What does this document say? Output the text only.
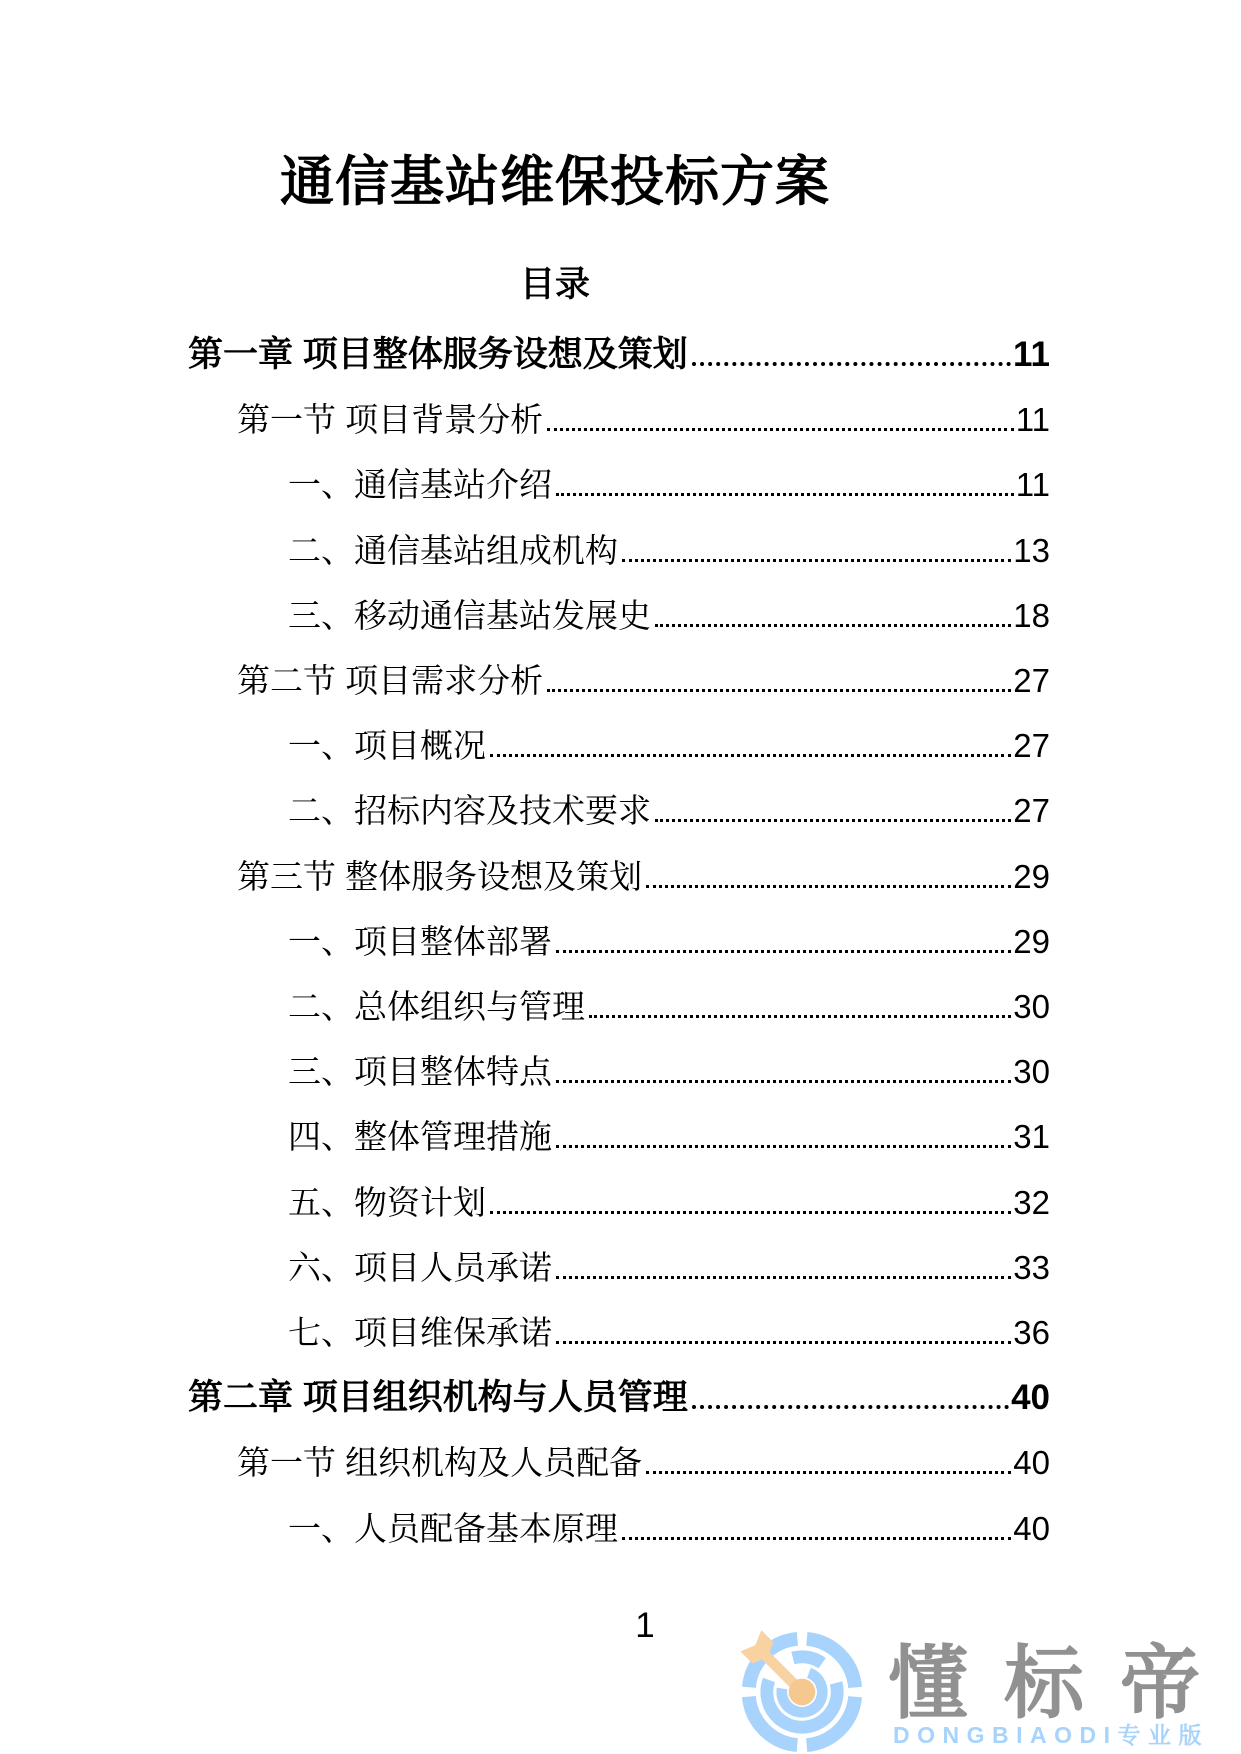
通信基站维保投标方案
目录
第一章 项目整体服务设想及策划	11
第一节 项目背景分析	11
一、通信基站介绍	11
二、通信基站组成机构	13
三、移动通信基站发展史	18
第二节 项目需求分析	27
一、项目概况	27
二、招标内容及技术要求	27
第三节 整体服务设想及策划	29
一、项目整体部署	29
二、总体组织与管理	30
三、项目整体特点	30
四、整体管理措施	31
五、物资计划	32
六、项目人员承诺	33
七、项目维保承诺	36
第二章 项目组织机构与人员管理	40
第一节 组织机构及人员配备	40
一、人员配备基本原理	40
1
懂标帝
DONGBIAODI专业版
